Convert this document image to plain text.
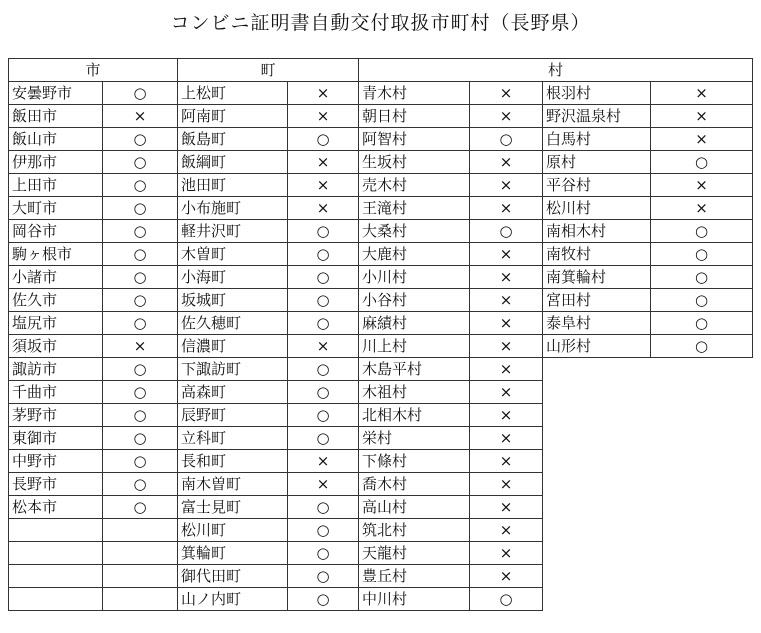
コンビニ証明書自動交付取扱市町村（長野県）
市		町		村			
安曇野市	○	上松町	×	青木村	×	根羽村	×
飯田市	×	阿南町	×	朝日村	×	野沢温泉村	×
飯山市	○	飯島町	○	阿智村	○	白馬村	×
伊那市	○	飯綱町	×	生坂村	×	原村	○
上田市	○	池田町	×	売木村	×	平谷村	×
大町市	○	小布施町	×	王滝村	×	松川村	×
岡谷市	○	軽井沢町	○	大桑村	○	南相木村	○
駒ヶ根市	○	木曽町	○	大鹿村	×	南牧村	○
小諸市	○	小海町	○	小川村	×	南箕輪村	○
佐久市	○	坂城町	○	小谷村	×	宮田村	○
塩尻市	○	佐久穂町	○	麻績村	×	泰阜村	○
須坂市	×	信濃町	×	川上村	×	山形村	○
諏訪市	○	下諏訪町	○	木島平村	×		
千曲市	○	高森町	○	木祖村	×		
茅野市	○	辰野町	○	北相木村	×		
東御市	○	立科町	○	栄村	×		
中野市	○	長和町	×	下條村	×		
長野市	○	南木曽町	×	喬木村	×		
松本市	○	富士見町	○	高山村	×		
		松川町	○	筑北村	×		
		箕輪町	○	天龍村	×		
		御代田町	○	豊丘村	×		
		山ノ内町	○	中川村	○		
